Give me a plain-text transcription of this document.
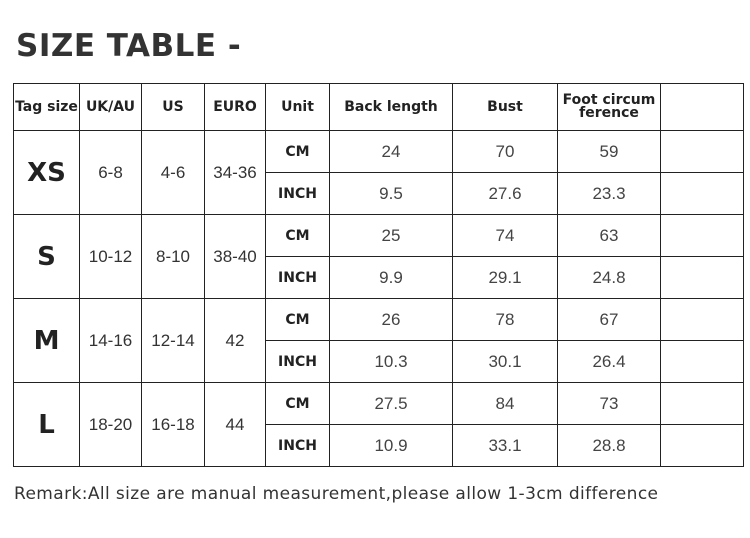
SIZE TABLE -
Tag size	UK/AU	US	EURO	Unit	Back length	Bust	Foot circum
ference	

XS	6-8	4-6	34-36	CM	24	70	59	
				INCH	9.5	27.6	23.3	
S	10-12	8-10	38-40	CM	25	74	63	
				INCH	9.9	29.1	24.8	
M	14-16	12-14	42	CM	26	78	67	
				INCH	10.3	30.1	26.4	
L	18-20	16-18	44	CM	27.5	84	73	
				INCH	10.9	33.1	28.8	
Remark:All size are manual measurement,please allow 1-3cm difference
